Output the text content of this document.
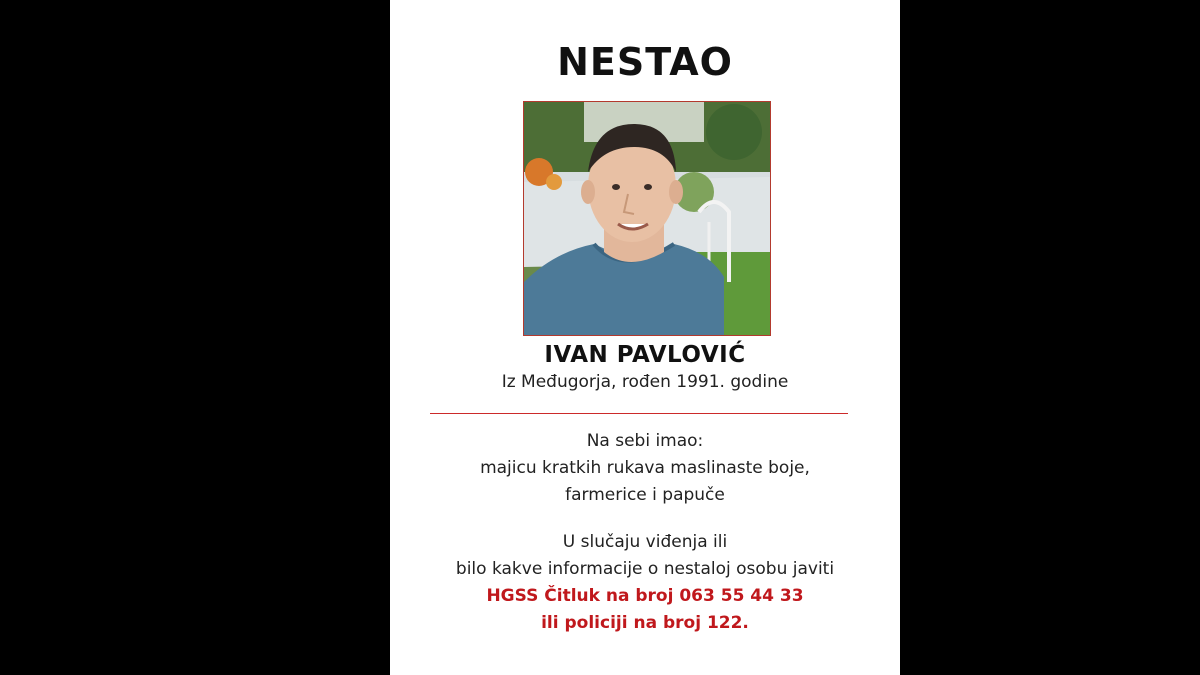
NESTAO
IVAN PAVLOVIĆ
Iz Međugorja, rođen 1991. godine
Na sebi imao:
majicu kratkih rukava maslinaste boje,
farmerice i papuče
U slučaju viđenja ili
bilo kakve informacije o nestaloj osobu javiti
HGSS Čitluk na broj 063 55 44 33
ili policiji na broj 122.
